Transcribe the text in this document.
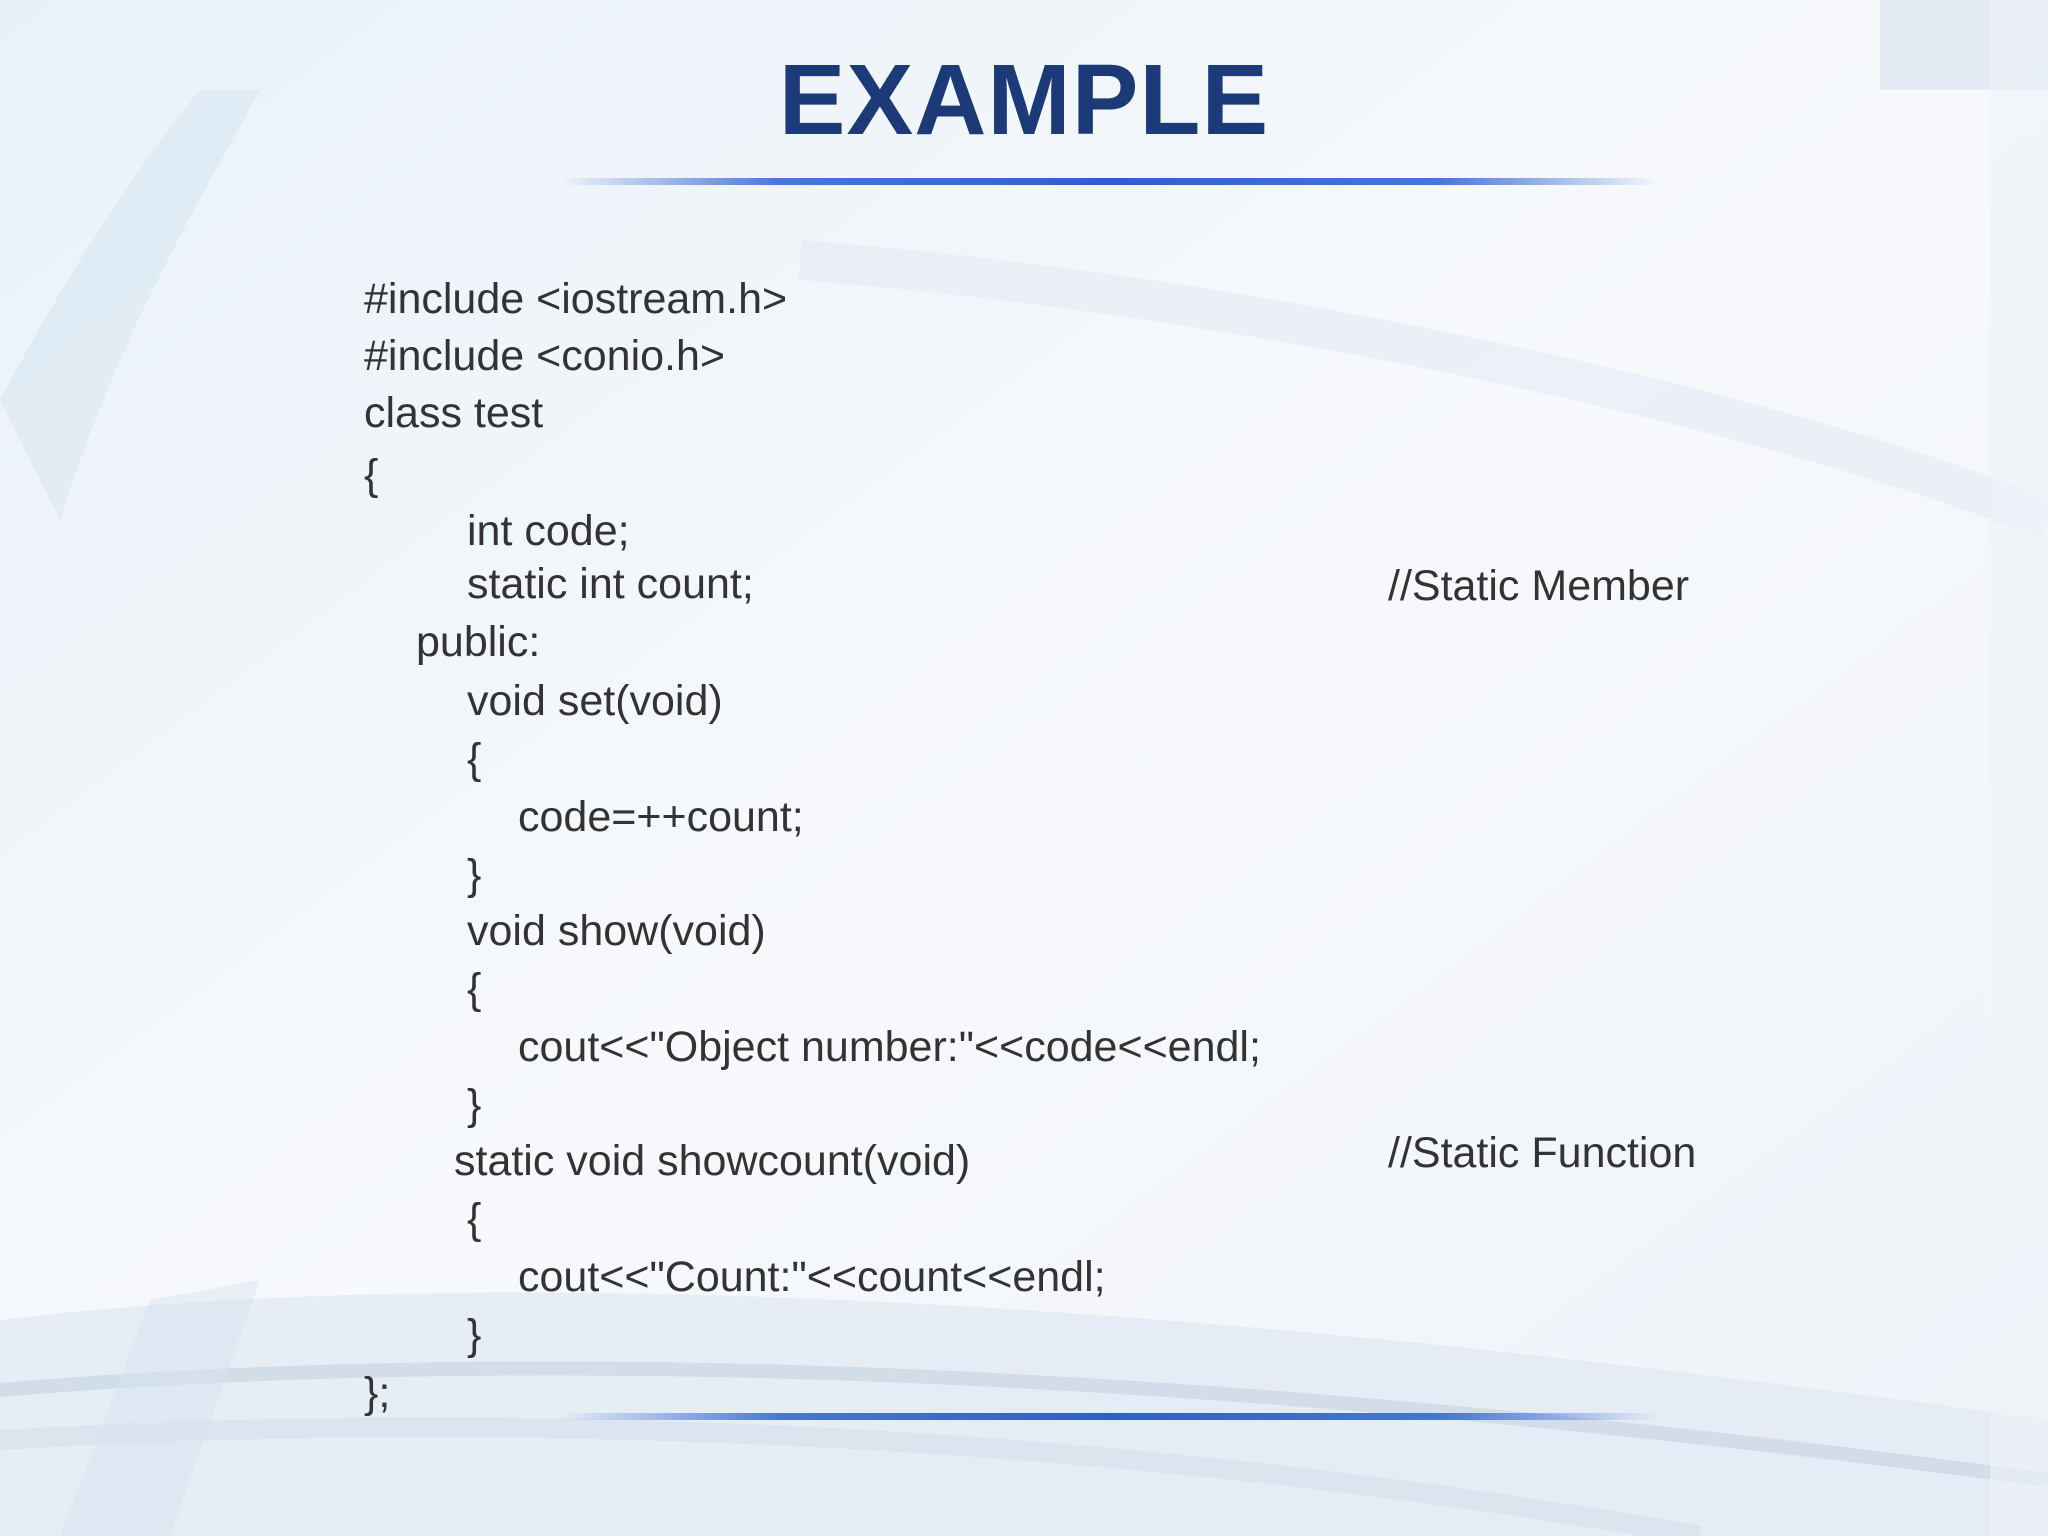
EXAMPLE
#include <iostream.h>
#include <conio.h>
class test
{
int code;
static int count;
public:
void set(void)
{
code=++count;
}
void show(void)
{
cout<<"Object number:"<<code<<endl;
}
static void showcount(void)
{
cout<<"Count:"<<count<<endl;
}
};
//Static Member
//Static Function
